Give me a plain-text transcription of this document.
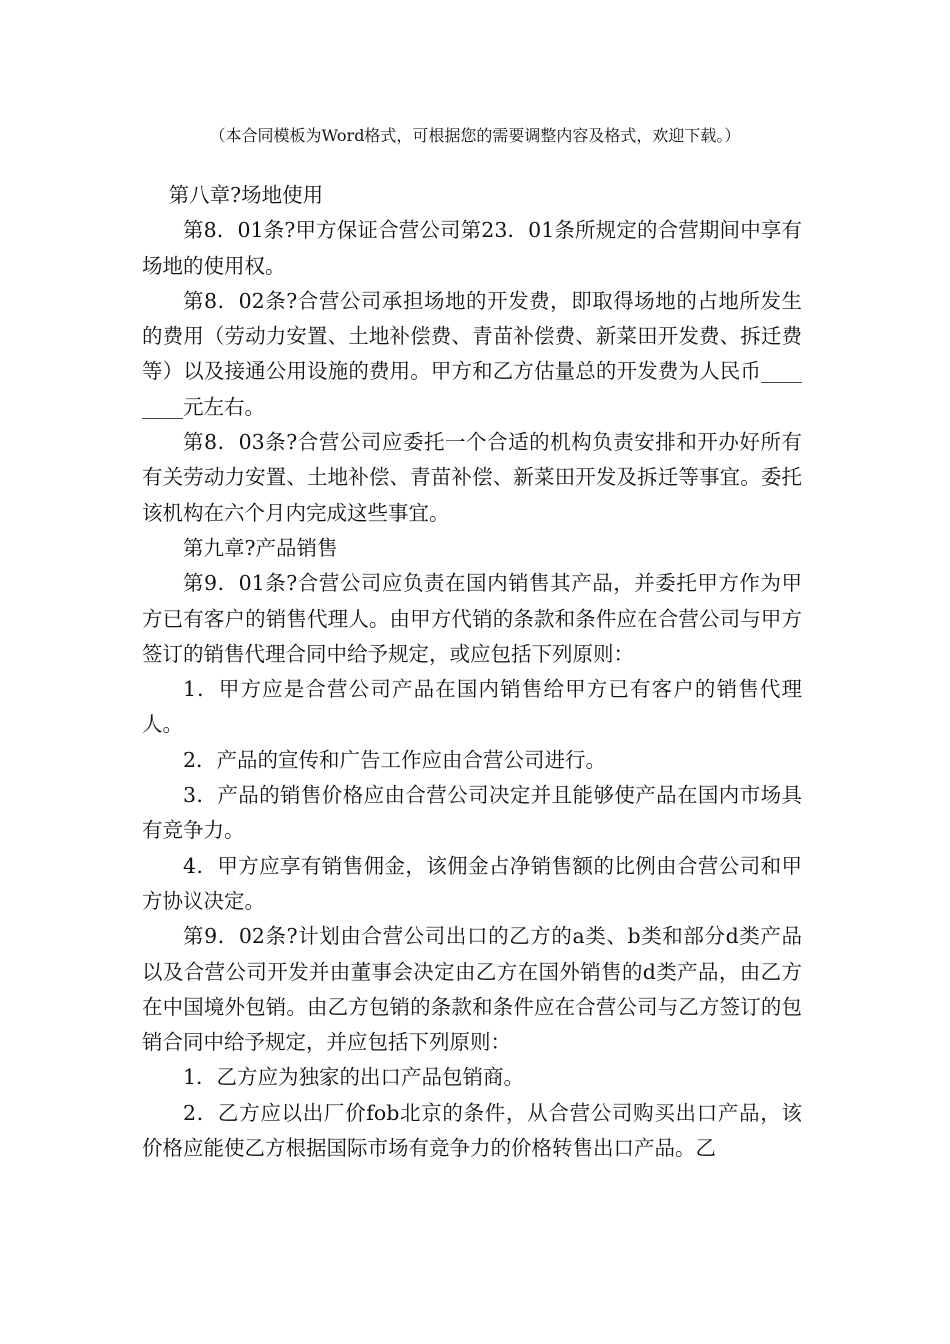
（本合同模板为Word格式，可根据您的需要调整内容及格式，欢迎下载。）

第八章?场地使用

第8．01条?甲方保证合营公司第23．01条所规定的合营期间中享有场地的使用权。

第8．02条?合营公司承担场地的开发费，即取得场地的占地所发生的费用（劳动力安置、土地补偿费、青苗补偿费、新菜田开发费、拆迁费等）以及接通公用设施的费用。甲方和乙方估量总的开发费为人民币________元左右。

第8．03条?合营公司应委托一个合适的机构负责安排和开办好所有有关劳动力安置、土地补偿、青苗补偿、新菜田开发及拆迁等事宜。委托该机构在六个月内完成这些事宜。

第九章?产品销售

第9．01条?合营公司应负责在国内销售其产品，并委托甲方作为甲方已有客户的销售代理人。由甲方代销的条款和条件应在合营公司与甲方签订的销售代理合同中给予规定，或应包括下列原则：

1．甲方应是合营公司产品在国内销售给甲方已有客户的销售代理人。

2．产品的宣传和广告工作应由合营公司进行。

3．产品的销售价格应由合营公司决定并且能够使产品在国内市场具有竞争力。

4．甲方应享有销售佣金，该佣金占净销售额的比例由合营公司和甲方协议决定。

第9．02条?计划由合营公司出口的乙方的a类、b类和部分d类产品以及合营公司开发并由董事会决定由乙方在国外销售的d类产品，由乙方在中国境外包销。由乙方包销的条款和条件应在合营公司与乙方签订的包销合同中给予规定，并应包括下列原则：

1．乙方应为独家的出口产品包销商。

2．乙方应以出厂价fob北京的条件，从合营公司购买出口产品，该价格应能使乙方根据国际市场有竞争力的价格转售出口产品。乙
